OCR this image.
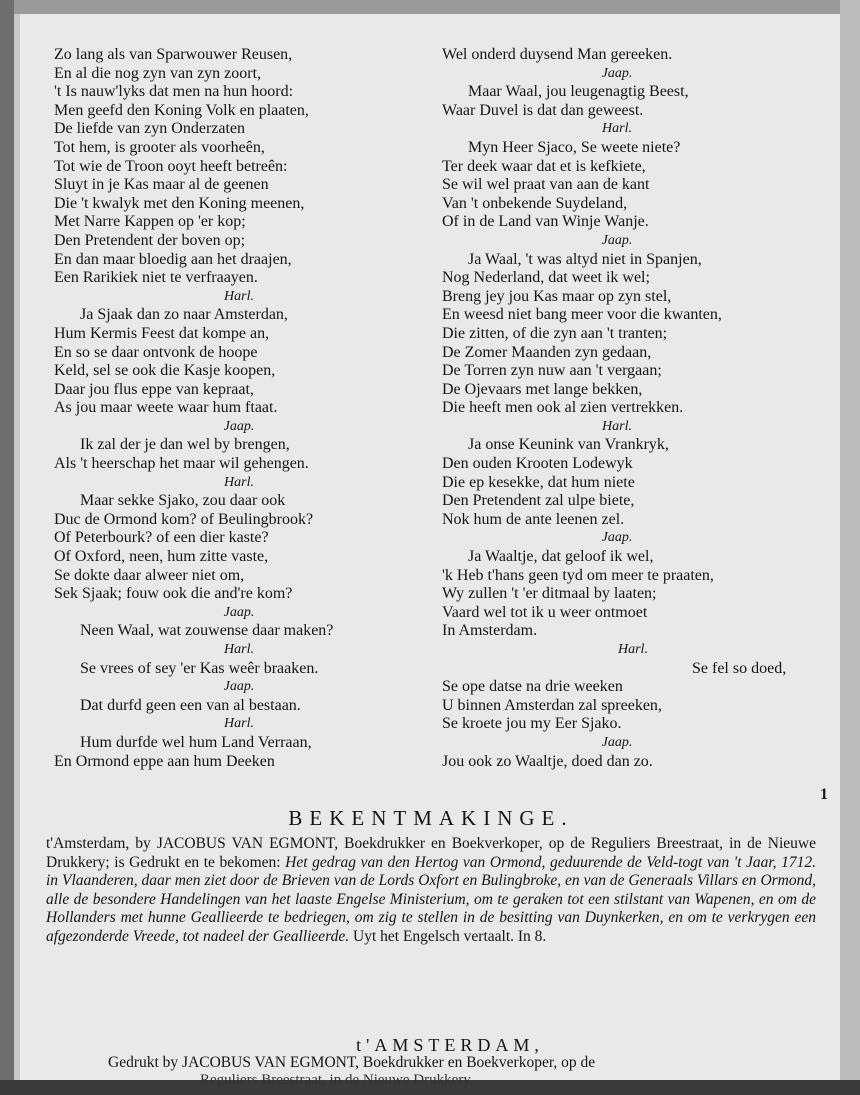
Zo lang als van Sparwouwer Reusen,
En al die nog zyn van zyn zoort,
't Is nauw'lyks dat men na hun hoord:
Men geefd den Koning Volk en plaaten,
De liefde van zyn Onderzaten
Tot hem, is grooter als voorheên,
Tot wie de Troon ooyt heeft betreên:
Sluyt in je Kas maar al de geenen
Die 't kwalyk met den Koning meenen,
Met Narre Kappen op 'er kop;
Den Pretendent der boven op;
En dan maar bloedig aan het draajen,
Een Rarikiek niet te verfraayen.
Harl.
Ja Sjaak dan zo naar Amsterdan,
Hum Kermis Feest dat kompe an,
En so se daar ontvonk de hoope
Keld, sel se ook die Kasje koopen,
Daar jou flus eppe van kepraat,
As jou maar weete waar hum ftaat.
Jaap.
Ik zal der je dan wel by brengen,
Als 't heerschap het maar wil gehengen.
Harl.
Maar sekke Sjako, zou daar ook
Duc de Ormond kom? of Beulingbrook?
Of Peterbourk? of een dier kaste?
Of Oxford, neen, hum zitte vaste,
Se dokte daar alweer niet om,
Sek Sjaak; fouw ook die and're kom?
Jaap.
Neen Waal, wat zouwense daar maken?
Harl.
Se vrees of sey 'er Kas weêr braaken.
Jaap.
Dat durfd geen een van al bestaan.
Harl.
Hum durfde wel hum Land Verraan,
En Ormond eppe aan hum Deeken
Wel onderd duysend Man gereeken.
Jaap.
Maar Waal, jou leugenagtig Beest,
Waar Duvel is dat dan geweest.
Harl.
Myn Heer Sjaco, Se weete niete?
Ter deek waar dat et is kefkiete,
Se wil wel praat van aan de kant
Van 't onbekende Suydeland,
Of in de Land van Winje Wanje.
Jaap.
Ja Waal, 't was altyd niet in Spanjen,
Nog Nederland, dat weet ik wel;
Breng jey jou Kas maar op zyn stel,
En weesd niet bang meer voor die kwanten,
Die zitten, of die zyn aan 't tranten;
De Zomer Maanden zyn gedaan,
De Torren zyn nuw aan 't vergaan;
De Ojevaars met lange bekken,
Die heeft men ook al zien vertrekken.
Harl.
Ja onse Keunink van Vrankryk,
Den ouden Krooten Lodewyk
Die ep kesekke, dat hum niete
Den Pretendent zal ulpe biete,
Nok hum de ante leenen zel.
Jaap.
Ja Waaltje, dat geloof ik wel,
'k Heb t'hans geen tyd om meer te praaten,
Wy zullen 't 'er ditmaal by laaten;
Vaard wel tot ik u weer ontmoet
In Amsterdam.
Harl.
Se fel so doed,
Se ope datse na drie weeken
U binnen Amsterdan zal spreeken,
Se kroete jou my Eer Sjako.
Jaap.
Jou ook zo Waaltje, doed dan zo.
1
BEKENTMAKINGE.

t'Amsterdam, by JACOBUS VAN EGMONT, Boekdrukker en Boekverkoper, op de Reguliers Breestraat, in de Nieuwe Drukkery; is Gedrukt en te bekomen: Het gedrag van den Hertog van Ormond, geduurende de Veld-togt van 't Jaar, 1712. in Vlaanderen, daar men ziet door de Brieven van de Lords Oxfort en Bulingbroke, en van de Generaals Villars en Ormond, alle de besondere Handelingen van het laaste Engelse Ministerium, om te geraken tot een stilstant van Wapenen, en om de Hollanders met hunne Geallieerde te bedriegen, om zig te stellen in de besitting van Duynkerken, en om te verkrygen een afgezonderde Vreede, tot nadeel der Geallieerde. Uyt het Engelsch vertaalt. In 8.

t'AMSTERDAM,
Gedrukt by JACOBUS VAN EGMONT, Boekdrukker en Boekverkoper, op de
Reguliers Breestraat, in de Nieuwe Drukkery.
